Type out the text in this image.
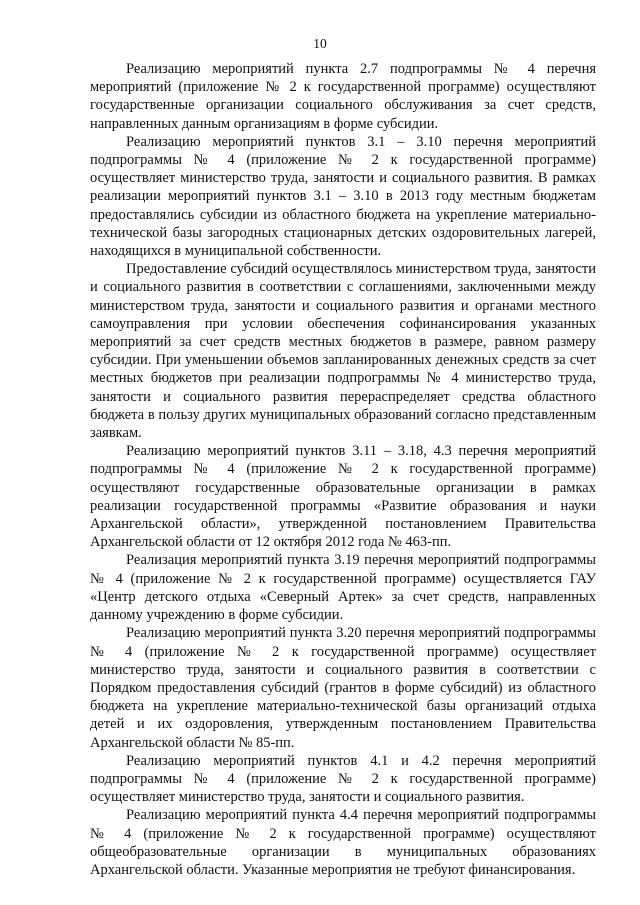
10

Реализацию мероприятий пункта 2.7 подпрограммы № 4 перечня мероприятий (приложение № 2 к государственной программе) осуществляют государственные организации социального обслуживания за счет средств, направленных данным организациям в форме субсидии.

Реализацию мероприятий пунктов 3.1 – 3.10 перечня мероприятий подпрограммы № 4 (приложение № 2 к государственной программе) осуществляет министерство труда, занятости и социального развития. В рамках реализации мероприятий пунктов 3.1 – 3.10 в 2013 году местным бюджетам предоставлялись субсидии из областного бюджета на укрепление материально-технической базы загородных стационарных детских оздоровительных лагерей, находящихся в муниципальной собственности.

Предоставление субсидий осуществлялось министерством труда, занятости и социального развития в соответствии с соглашениями, заключенными между министерством труда, занятости и социального развития и органами местного самоуправления при условии обеспечения софинансирования указанных мероприятий за счет средств местных бюджетов в размере, равном размеру субсидии. При уменьшении объемов запланированных денежных средств за счет местных бюджетов при реализации подпрограммы № 4 министерство труда, занятости и социального развития перераспределяет средства областного бюджета в пользу других муниципальных образований согласно представленным заявкам.

Реализацию мероприятий пунктов 3.11 – 3.18, 4.3 перечня мероприятий подпрограммы № 4 (приложение № 2 к государственной программе) осуществляют государственные образовательные организации в рамках реализации государственной программы «Развитие образования и науки Архангельской области», утвержденной постановлением Правительства Архангельской области от 12 октября 2012 года № 463-пп.

Реализация мероприятий пункта 3.19 перечня мероприятий подпрограммы № 4 (приложение № 2 к государственной программе) осуществляется ГАУ «Центр детского отдыха «Северный Артек» за счет средств, направленных данному учреждению в форме субсидии.

Реализацию мероприятий пункта 3.20 перечня мероприятий подпрограммы № 4 (приложение № 2 к государственной программе) осуществляет министерство труда, занятости и социального развития в соответствии с Порядком предоставления субсидий (грантов в форме субсидий) из областного бюджета на укрепление материально-технической базы организаций отдыха детей и их оздоровления, утвержденным постановлением Правительства Архангельской области № 85-пп.

Реализацию мероприятий пунктов 4.1 и 4.2 перечня мероприятий подпрограммы № 4 (приложение № 2 к государственной программе) осуществляет министерство труда, занятости и социального развития.

Реализацию мероприятий пункта 4.4 перечня мероприятий подпрограммы № 4 (приложение № 2 к государственной программе) осуществляют общеобразовательные организации в муниципальных образованиях Архангельской области. Указанные мероприятия не требуют финансирования.
